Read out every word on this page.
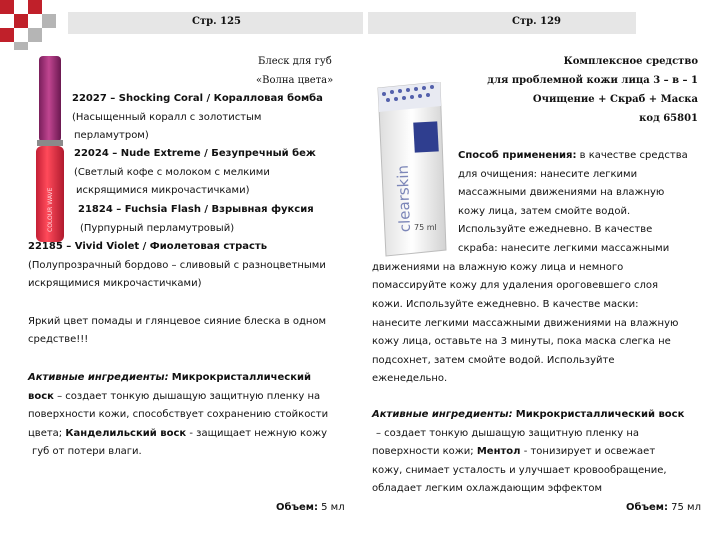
Стр. 125	Стр. 129
COLOUR WAVE
Блеск для губ
«Волна цвета»
22027 – Shocking Coral / Коралловая бомба
(Насыщенный коралл с золотистым
перламутром)
22024 – Nude Extreme / Безупречный беж
(Светлый кофе с молоком с мелкими
искрящимися микрочастичками)
21824 – Fuchsia Flash / Взрывная фуксия
(Пурпурный перламутровый)
22185 – Vivid Violet / Фиолетовая страсть
(Полупрозрачный бордово – сливовый с разноцветными
искрящимися микрочастичками)
Яркий цвет помады и глянцевое сияние блеска в одном
средстве!!!
Активные ингредиенты: Микрокристаллический
воск – создает тонкую дышащую защитную пленку на
поверхности кожи, способствует сохранению стойкости
цвета; Канделильский воск - защищает нежную кожу
губ от потери влаги.
Объем: 5 мл
Комплексное средство
для проблемной кожи лица 3 – в – 1
Очищение + Скраб + Маска
код 65801
clearskin 75 ml
Способ применения: в качестве средства
для очищения: нанесите легкими
массажными движениями на влажную
кожу лица, затем смойте водой.
Используйте ежедневно. В качестве
скраба: нанесите легкими массажными
движениями на влажную кожу лица и немного
помассируйте кожу для удаления ороговевшего слоя
кожи. Используйте ежедневно. В качестве маски:
нанесите легкими массажными движениями на влажную
кожу лица, оставьте на 3 минуты, пока маска слегка не
подсохнет, затем смойте водой. Используйте
еженедельно.
Активные ингредиенты: Микрокристаллический воск
– создает тонкую дышащую защитную пленку на
поверхности кожи; Ментол - тонизирует и освежает
кожу, снимает усталость и улучшает кровообращение,
обладает легким охлаждающим эффектом
Объем: 75 мл
